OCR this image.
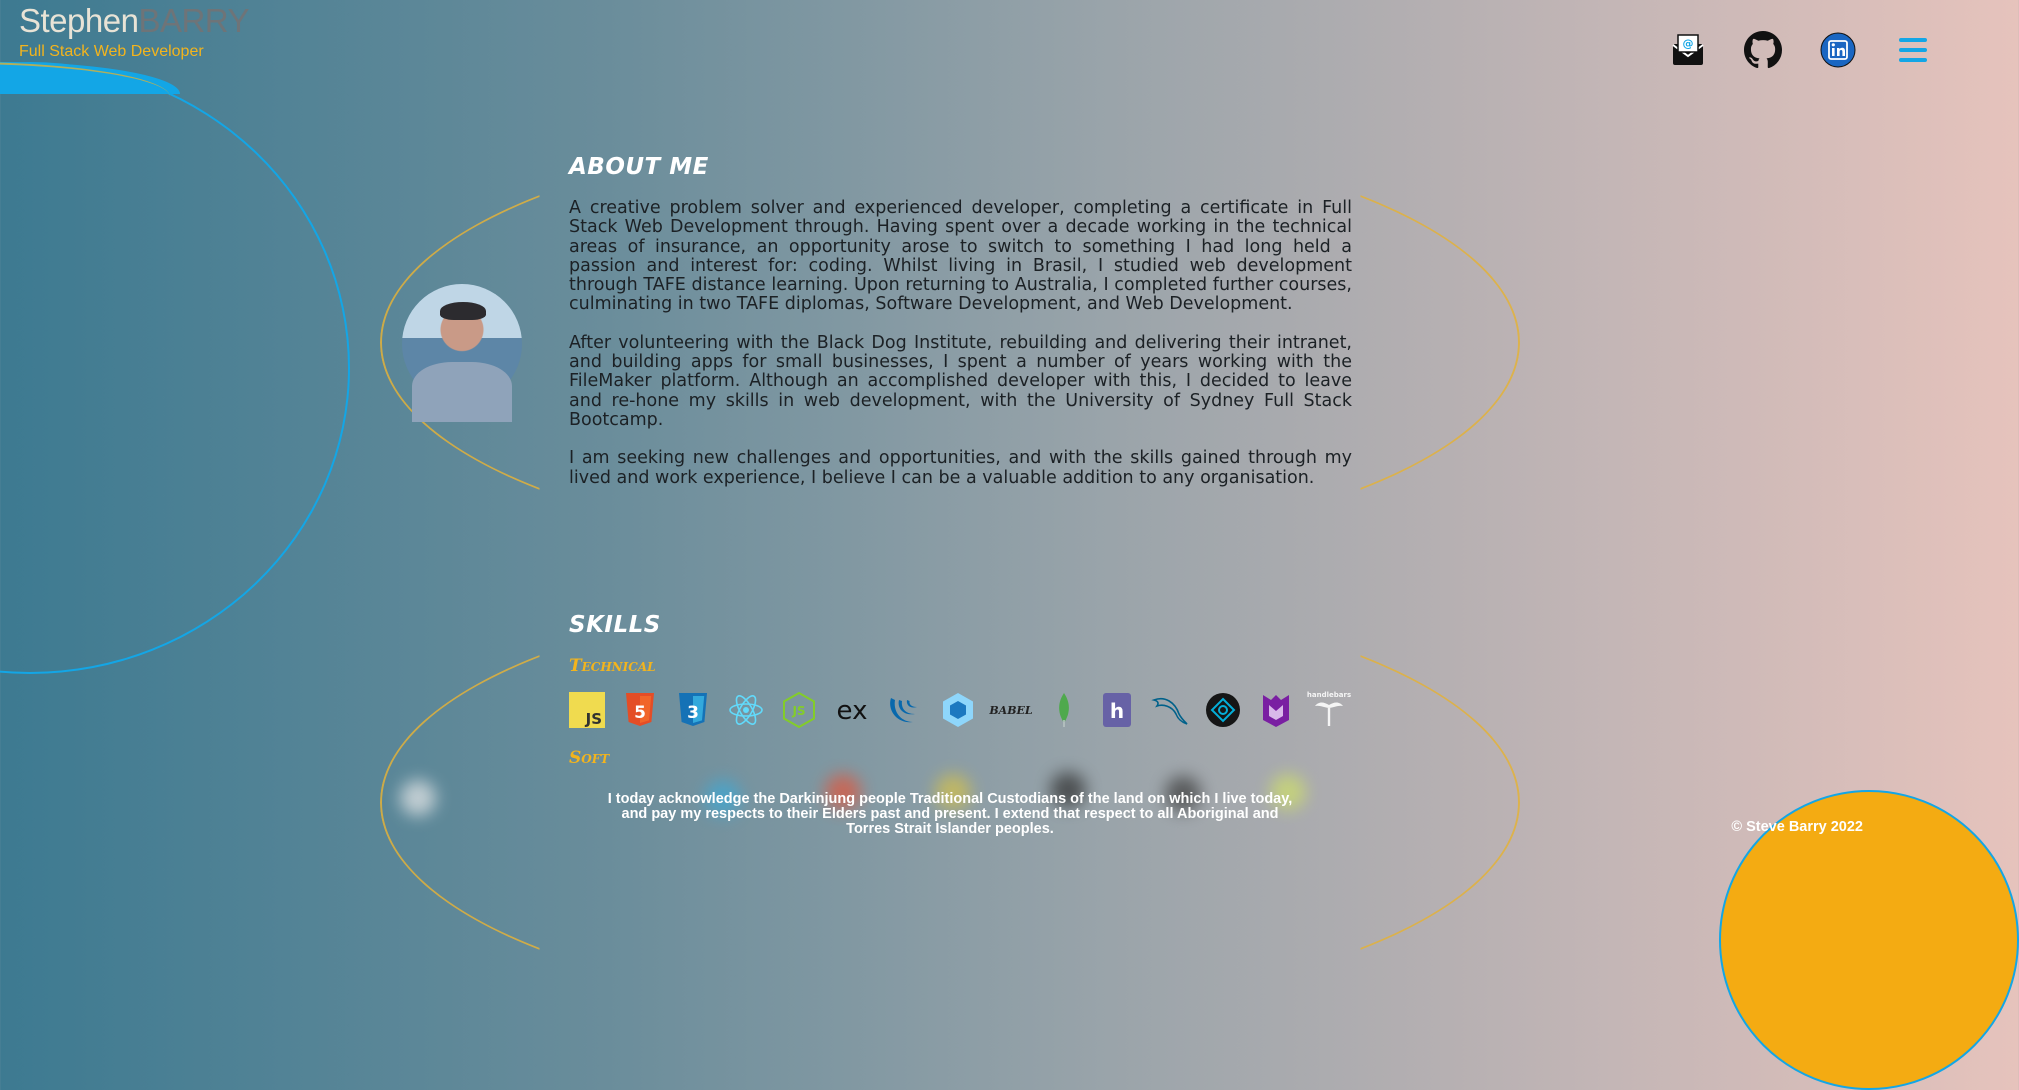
StephenBARRY
Full Stack Web Developer	@
ABOUT ME

A creative problem solver and experienced developer, completing a certificate in Full Stack Web Development through. Having spent over a decade working in the technical areas of insurance, an opportunity arose to switch to something I had long held a passion and interest for: coding. Whilst living in Brasil, I studied web development through TAFE distance learning. Upon returning to Australia, I completed further courses, culminating in two TAFE diplomas, Software Development, and Web Development.

After volunteering with the Black Dog Institute, rebuilding and delivering their intranet, and building apps for small businesses, I spent a number of years working with the FileMaker platform. Although an accomplished developer with this, I decided to leave and re-hone my skills in web development, with the University of Sydney Full Stack Bootcamp.

I am seeking new challenges and opportunities, and with the skills gained through my lived and work experience, I believe I can be a valuable addition to any organisation.

SKILLS
Technical
JS 5 3	JS ex	BABEL	h
handlebars
Soft
I today acknowledge the Darkinjung people Traditional Custodians of the land on which I live today, and pay my respects to their Elders past and present. I extend that respect to all Aboriginal and Torres Strait Islander peoples.	© Steve Barry 2022
